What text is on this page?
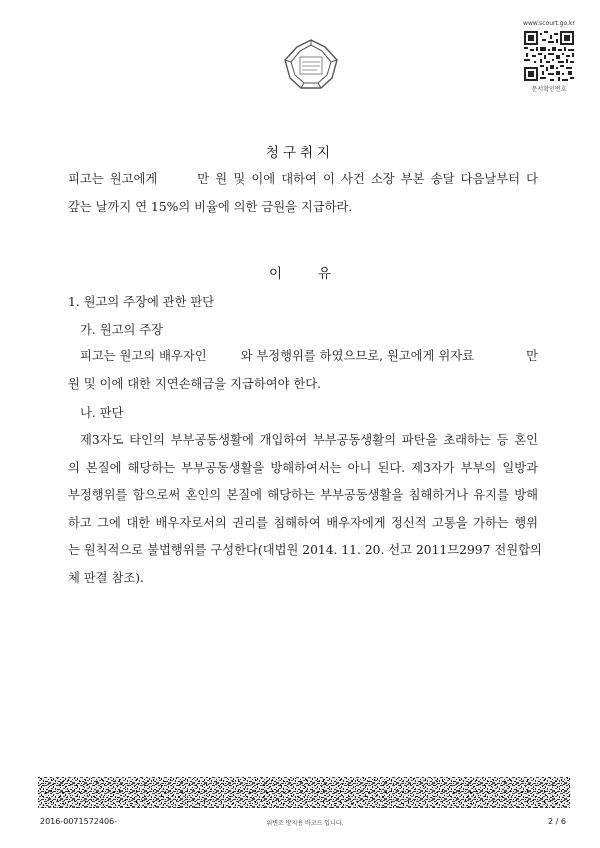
www.scourt.go.kr
문서확인번호
청구취지
피고는 원고에게	만 원 및 이에 대하여 이 사건 소장 부본 송달 다음날부터 다
갚는 날까지 연 15%의 비율에 의한 금원을 지급하라.
이	유
1. 원고의 주장에 관한 판단
가. 원고의 주장
피고는 원고의 배우자인	와 부정행위를 하였으므로, 원고에게 위자료	만
원 및 이에 대한 지연손해금을 지급하여야 한다.
나. 판단
제3자도 타인의 부부공동생활에 개입하여 부부공동생활의 파탄을 초래하는 등 혼인
의 본질에 해당하는 부부공동생활을 방해하여서는 아니 된다. 제3자가 부부의 일방과
부정행위를 함으로써 혼인의 본질에 해당하는 부부공동생활을 침해하거나 유지를 방해
하고 그에 대한 배우자로서의 권리를 침해하여 배우자에게 정신적 고통을 가하는 행위
는 원칙적으로 불법행위를 구성한다(대법원 2014. 11. 20. 선고 2011므2997 전원합의
체 판결 참조).
2016-0071572406-	위변조 방지용 바코드 입니다.	2 / 6
